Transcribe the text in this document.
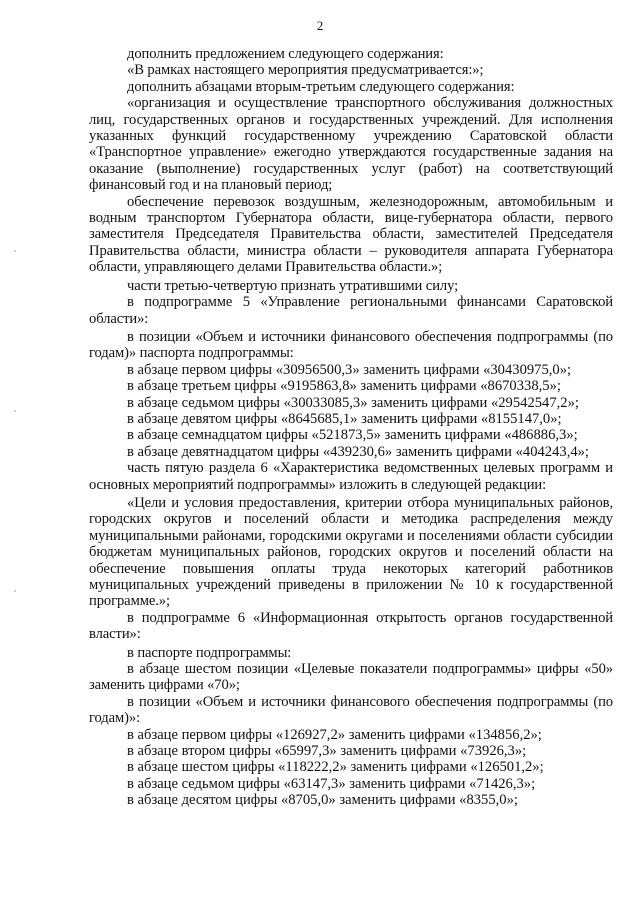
2

дополнить предложением следующего содержания:

«В рамках настоящего мероприятия предусматривается:»;

дополнить абзацами вторым-третьим следующего содержания:

«организация и осуществление транспортного обслуживания должностных лиц, государственных органов и государственных учреждений. Для исполнения указанных функций государственному учреждению Саратовской области «Транспортное управление» ежегодно утверждаются государственные задания на оказание (выполнение) государственных услуг (работ) на соответствующий финансовый год и на плановый период;

обеспечение перевозок воздушным, железнодорожным, автомобильным и водным транспортом Губернатора области, вице-губернатора области, первого заместителя Председателя Правительства области, заместителей Председателя Правительства области, министра области – руководителя аппарата Губернатора области, управляющего делами Правительства области.»;

части третью-четвертую признать утратившими силу;

в подпрограмме 5 «Управление региональными финансами Саратовской области»:

в позиции «Объем и источники финансового обеспечения подпрограммы (по годам)» паспорта подпрограммы:

в абзаце первом цифры «30956500,3» заменить цифрами «30430975,0»;
в абзаце третьем цифры «9195863,8» заменить цифрами «8670338,5»;
в абзаце седьмом цифры «30033085,3» заменить цифрами «29542547,2»;
в абзаце девятом цифры «8645685,1» заменить цифрами «8155147,0»;
в абзаце семнадцатом цифры «521873,5» заменить цифрами «486886,3»;
в абзаце девятнадцатом цифры «439230,6» заменить цифрами «404243,4»;

часть пятую раздела 6 «Характеристика ведомственных целевых программ и основных мероприятий подпрограммы» изложить в следующей редакции:

«Цели и условия предоставления, критерии отбора муниципальных районов, городских округов и поселений области и методика распределения между муниципальными районами, городскими округами и поселениями области субсидии бюджетам муниципальных районов, городских округов и поселений области на обеспечение повышения оплаты труда некоторых категорий работников муниципальных учреждений приведены в приложении № 10 к государственной программе.»;

в подпрограмме 6 «Информационная открытость органов государственной власти»:

в паспорте подпрограммы:

в абзаце шестом позиции «Целевые показатели подпрограммы» цифры «50» заменить цифрами «70»;

в позиции «Объем и источники финансового обеспечения подпрограммы (по годам)»:

в абзаце первом цифры «126927,2» заменить цифрами «134856,2»;
в абзаце втором цифры «65997,3» заменить цифрами «73926,3»;
в абзаце шестом цифры «118222,2» заменить цифрами «126501,2»;
в абзаце седьмом цифры «63147,3» заменить цифрами «71426,3»;
в абзаце десятом цифры «8705,0» заменить цифрами «8355,0»;
